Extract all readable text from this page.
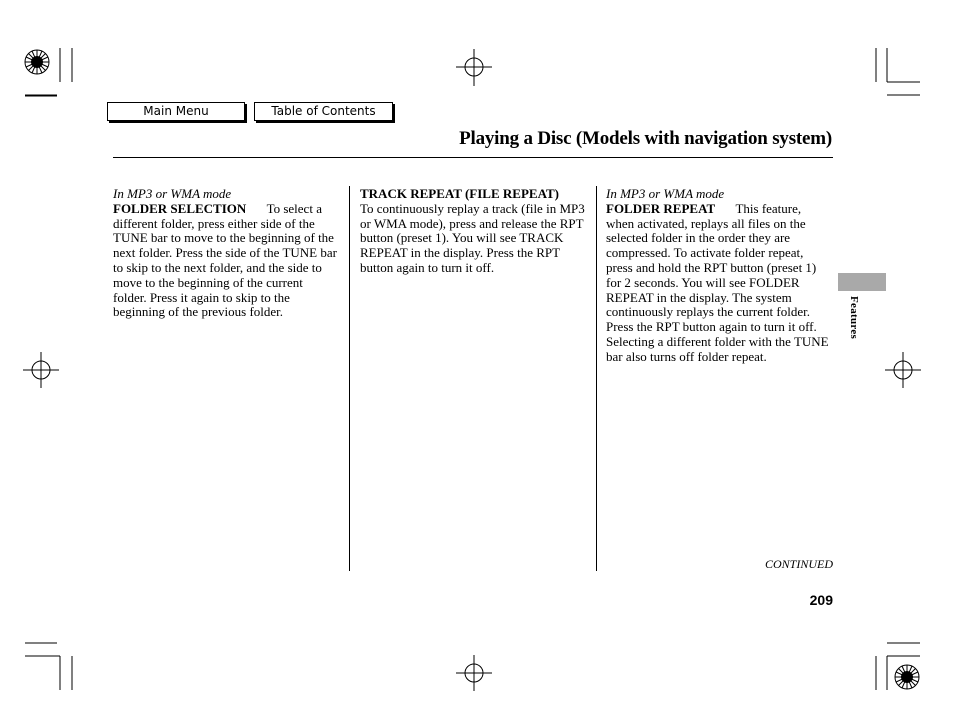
Main Menu	Table of Contents
Playing a Disc (Models with navigation system)
In MP3 or WMA mode
FOLDER SELECTION To select a different folder, press either side of the TUNE bar to move to the beginning of the next folder. Press the side of the TUNE bar to skip to the next folder, and the side to move to the beginning of the current folder. Press it again to skip to the beginning of the previous folder.
TRACK REPEAT (FILE REPEAT)  To continuously replay a track (file in MP3 or WMA mode), press and release the RPT button (preset 1). You will see TRACK REPEAT in the display. Press the RPT button again to turn it off.
In MP3 or WMA mode
FOLDER REPEAT This feature, when activated, replays all files on the selected folder in the order they are compressed. To activate folder repeat, press and hold the RPT button (preset 1) for 2 seconds. You will see FOLDER REPEAT in the display. The system continuously replays the current folder. Press the RPT button again to turn it off. Selecting a different folder with the TUNE bar also turns off folder repeat.
Features
CONTINUED
209
